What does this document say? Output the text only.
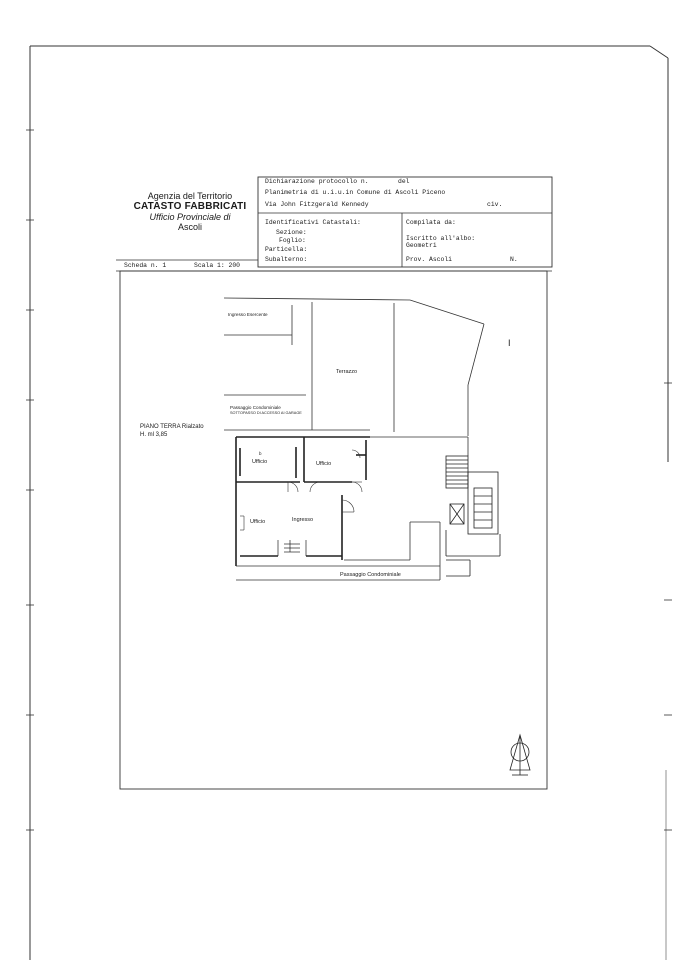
Agenzia del Territorio
CATASTO FABBRICATI
Ufficio Provinciale di
Ascoli
Dichiarazione protocollo n.	del
Planimetria di u.i.u.in Comune di Ascoli Piceno
Via John Fitzgerald Kennedy	civ.
Identificativi Catastali:
Sezione:
Foglio:
Particella:
Subalterno:
Compilata da:
Iscritto all'albo:
Geometri
Prov. Ascoli	N.
Scheda n. 1	Scala 1: 200
Ingresso Esercente
Terrazzo
Passaggio Condominiale
SOTTOPASSO DI ACCESSO AI GARAGE
PIANO TERRA Rialzato
H. ml 3,85
Ufficio	Ufficio
Ufficio	Ingresso
Passaggio Condominiale
b
I
